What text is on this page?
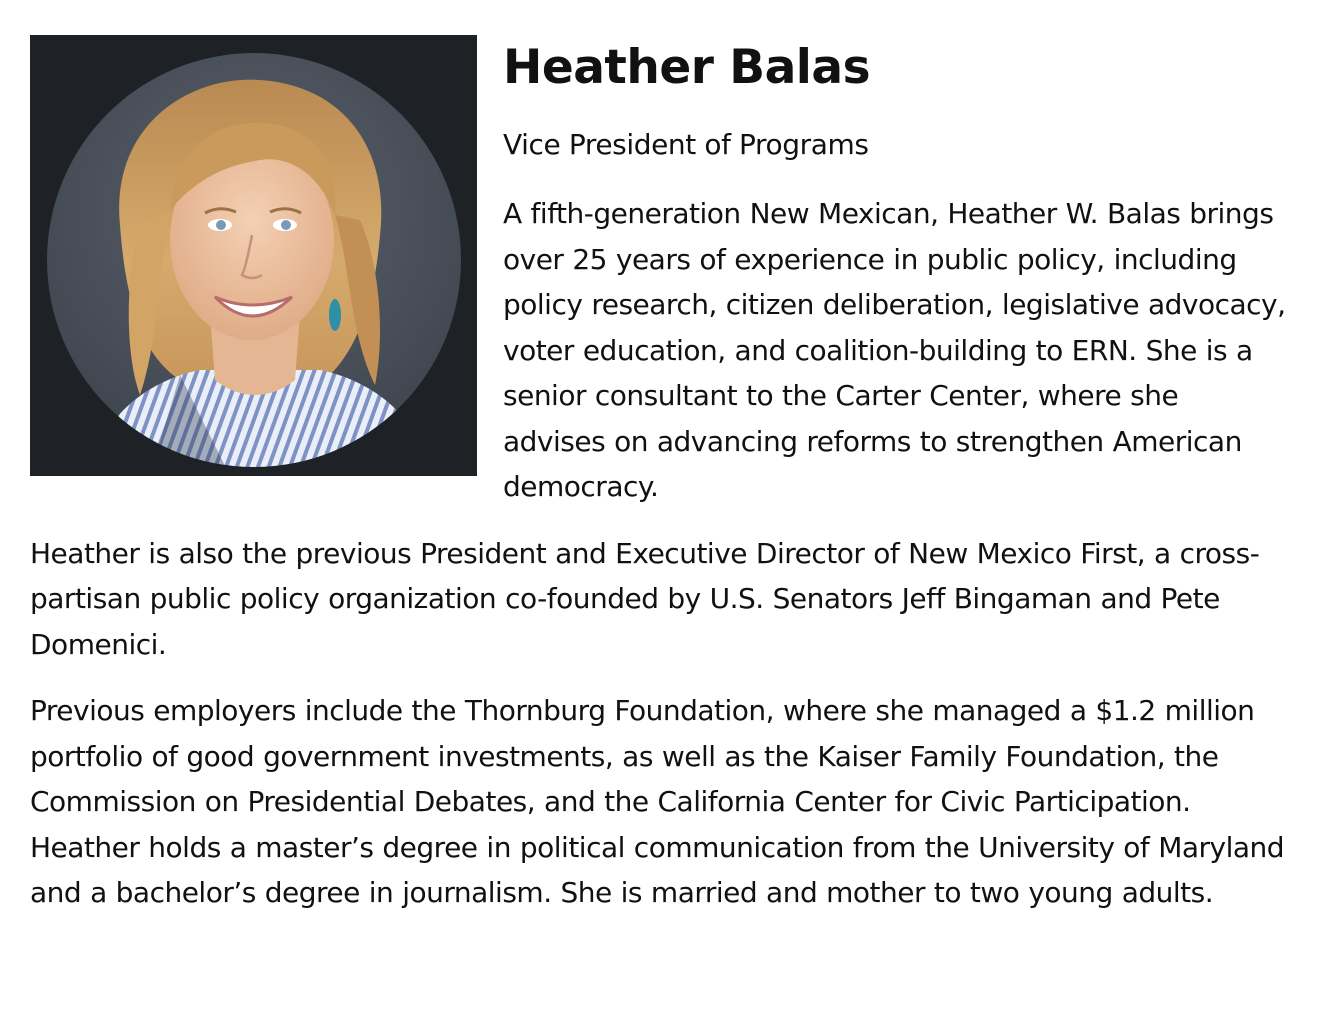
Heather Balas
Vice President of Programs

A fifth-generation New Mexican, Heather W. Balas brings over 25 years of experience in public policy, including policy research, citizen deliberation, legislative advocacy, voter education, and coalition-building to ERN. She is a senior consultant to the Carter Center, where she advises on advancing reforms to strengthen American democracy.

Heather is also the previous President and Executive Director of New Mexico First, a cross-partisan public policy organization co-founded by U.S. Senators Jeff Bingaman and Pete Domenici.

Previous employers include the Thornburg Foundation, where she managed a $1.2 million portfolio of good government investments, as well as the Kaiser Family Foundation, the Commission on Presidential Debates, and the California Center for Civic Participation. Heather holds a master’s degree in political communication from the University of Maryland and a bachelor’s degree in journalism. She is married and mother to two young adults.
